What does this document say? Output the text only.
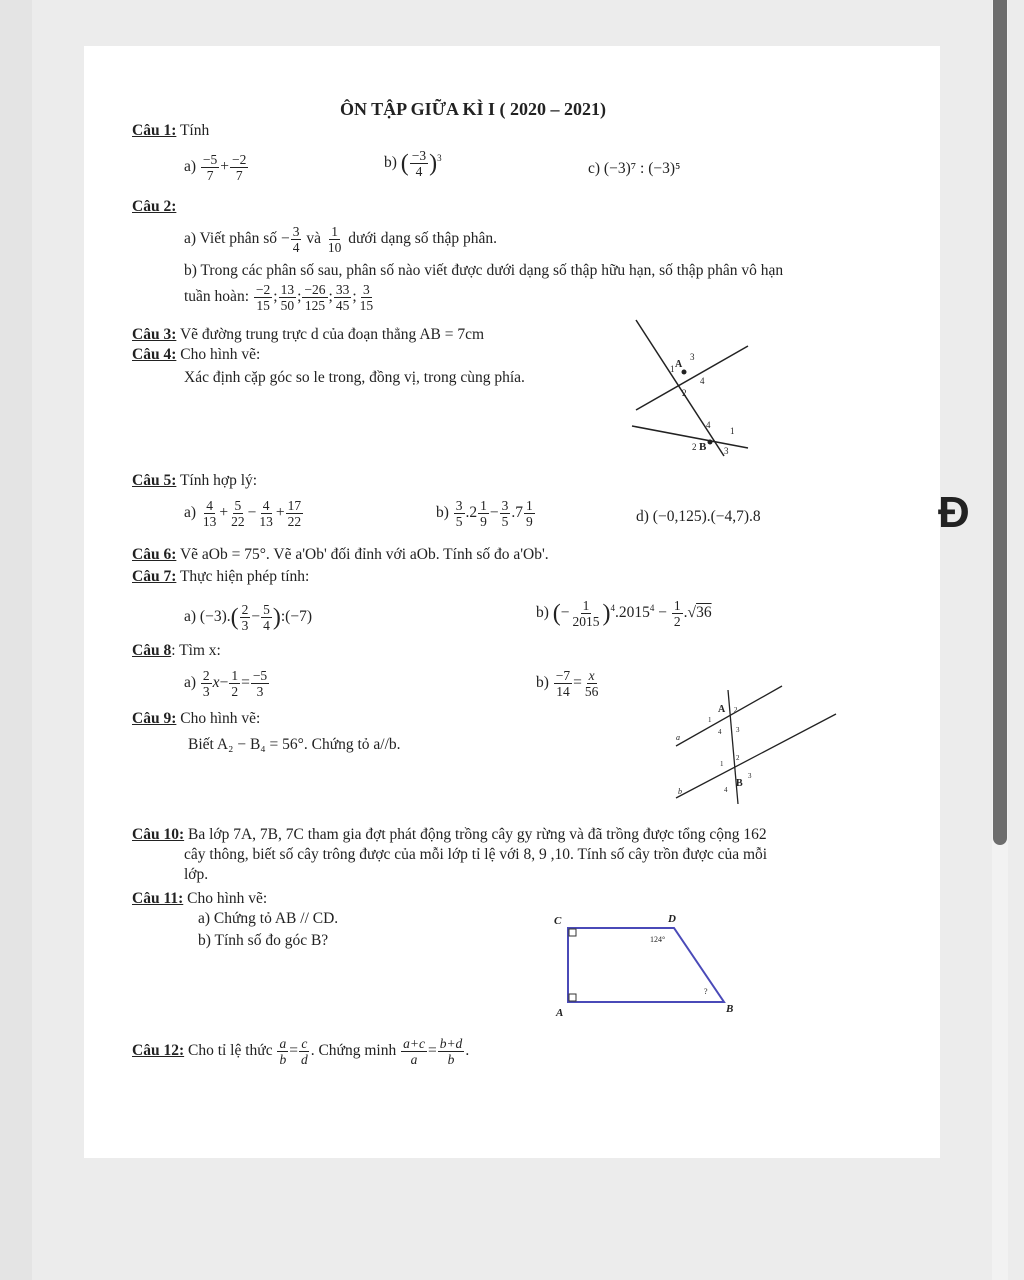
ÔN TẬP GIỮA KÌ I ( 2020 – 2021)
Câu 1: Tính
$a) \frac{-5}{7} + \frac{-2}{7}$	b) ( $\frac{-3}{4} )^3$
c) (−3)⁷ : (−3)⁵
Câu 2:
a) Viết phân số − $\frac{3}{4}$ và $\frac{1}{10}$ dưới dạng số thập phân.
b) Trong các phân số sau, phân số nào viết được dưới dạng số thập hữu hạn, số thập phân vô hạn
tuần hoàn: $\frac{-2}{15}$ ; $\frac{13}{50}$ ; $\frac{-26}{125}$ ; $\frac{33}{45}$ ; $\frac{3}{15}$
Câu 3: Vẽ đường trung trực d của đoạn thẳng AB = 7cm
Câu 4: Cho hình vẽ:
Xác định cặp góc so le trong, đồng vị, trong cùng phía.	1 A
3
4
2
4
1
2 B 3
Câu 5: Tính hợp lý:
$a) \frac{4}{13} + \frac{5}{22} - \frac{4}{13} + \frac{17}{22}$	$b) \frac{3}{5} .2 \frac{1}{9} - \frac{3}{5} .7 \frac{1}{9}$	d) (−0,125).(−4,7).8
Câu 6: Vẽ aOb = 75°. Vẽ a'Ob' đối đỉnh với aOb. Tính số đo a'Ob'.
Câu 7: Thực hiện phép tính:
a) $(-3).( \frac{2}{3} - \frac{5}{4}$ ):(−7)	b) (− $\frac{1}{2015} )^4.2015^4 - \frac{1}{2} .√36$
Câu 8: Tìm x:
$a) \frac{2}{3} x- \frac{1}{2} = \frac{-5}{3}$	$b) \frac{-7}{14} = \frac{x}{56}$
Câu 9: Cho hình vẽ:
Biết A₂ − B₄ = 56°. Chứng tỏ a//b.
A
1
2
4 3
a
1
2
B
3
b	4
Câu 10: Ba lớp 7A, 7B, 7C tham gia đợt phát động trồng cây gy rừng và đã trồng được tổng cộng 162
cây thông, biết số cây trông được của mỗi lớp tỉ lệ với 8, 9 ,10. Tính số cây trồn được của mỗi
lớp.
Câu 11: Cho hình vẽ:
a) Chứng tỏ AB // CD.
b) Tính số đo góc B?
C	D
124°
?
A	B
Câu 12: Cho tỉ lệ thức $\frac{a}{b} = \frac{c}{d}$ . Chứng minh $\frac{a+c}{a} = \frac{b+d}{b}$ .
Đ
